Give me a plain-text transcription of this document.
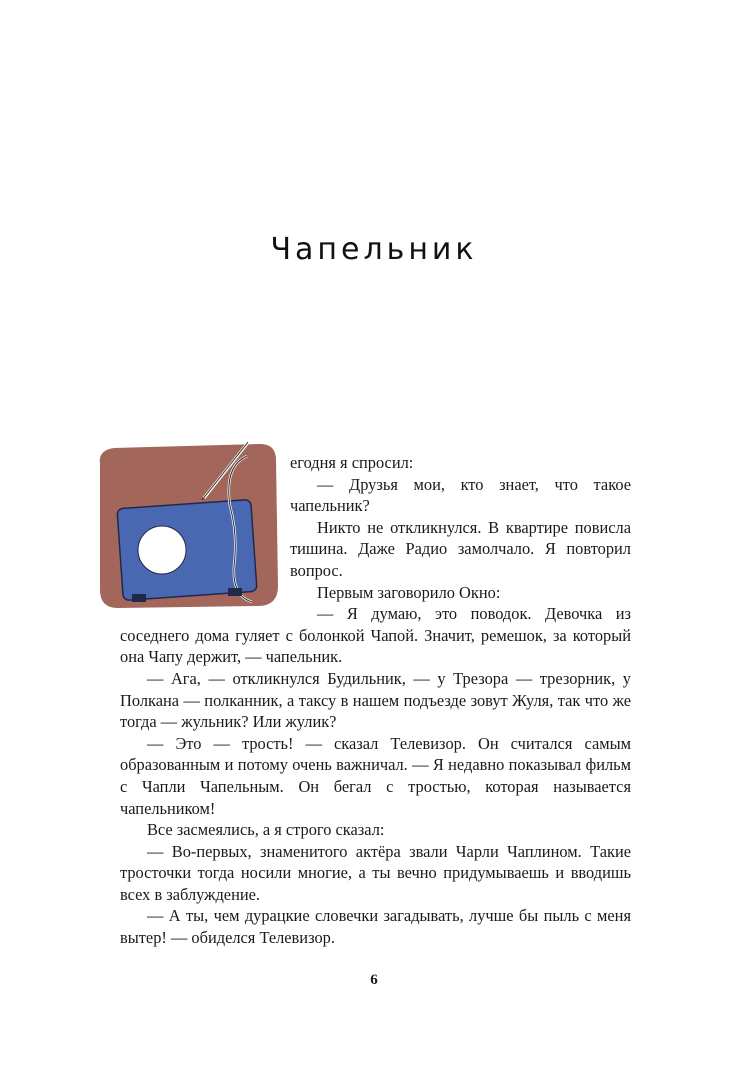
Чапельник

егодня я спросил:

— Друзья мои, кто знает, что такое чапельник?

Никто не откликнулся. В квартире повисла тишина. Даже Радио замолчало. Я повторил вопрос.

Первым заговорило Окно:

— Я думаю, это поводок. Девочка из соседнего дома гуляет с болонкой Чапой. Значит, ремешок, за который она Чапу держит, — чапельник.

— Ага, — откликнулся Будильник, — у Трезора — трезорник, у Полкана — полканник, а таксу в нашем подъезде зовут Жуля, так что же тогда — жульник? Или жулик?

— Это — трость! — сказал Телевизор. Он считался самым образованным и потому очень важничал. — Я недавно показывал фильм с Чапли Чапельным. Он бегал с тростью, которая называется чапельником!

Все засмеялись, а я строго сказал:

— Во-первых, знаменитого актёра звали Чарли Чаплином. Такие тросточки тогда носили многие, а ты вечно придумываешь и вводишь всех в заблуждение.

— А ты, чем дурацкие словечки загадывать, лучше бы пыль с меня вытер! — обиделся Телевизор.

6
